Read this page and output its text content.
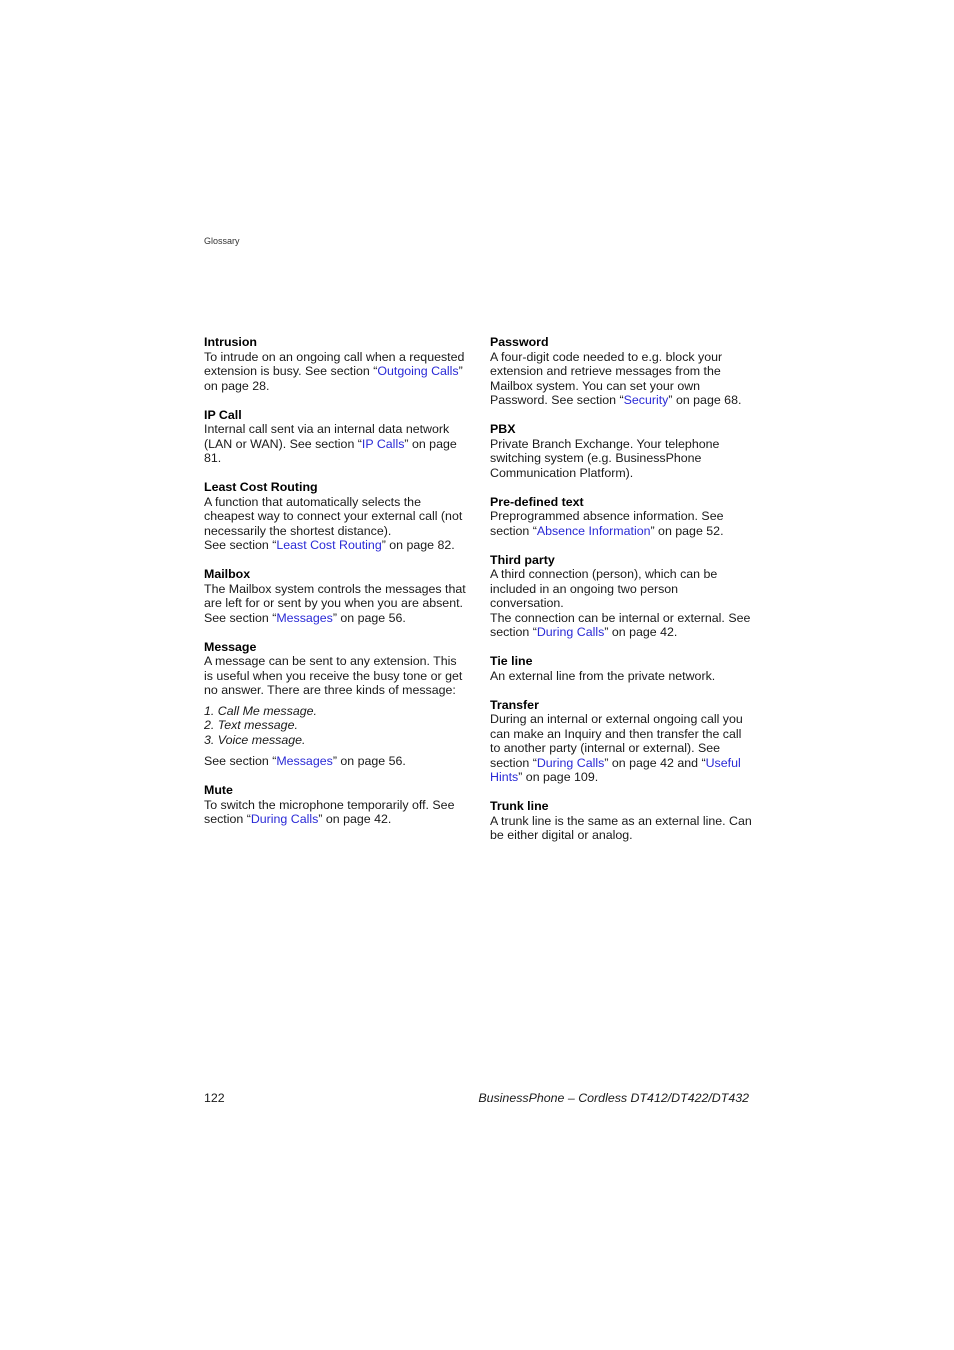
Glossary
Intrusion
To intrude on an ongoing call when a requested extension is busy. See section “Outgoing Calls” on page 28.
IP Call
Internal call sent via an internal data network (LAN or WAN). See section “IP Calls” on page 81.
Least Cost Routing
A function that automatically selects the cheapest way to connect your external call (not necessarily the shortest distance).
See section “Least Cost Routing” on page 82.
Mailbox
The Mailbox system controls the messages that are left for or sent by you when you are absent. See section “Messages” on page 56.
Message
A message can be sent to any extension. This is useful when you receive the busy tone or get no answer. There are three kinds of message:
1. Call Me message.
2. Text message.
3. Voice message.
See section “Messages” on page 56.
Mute
To switch the microphone temporarily off. See section “During Calls” on page 42.
Password
A four-digit code needed to e.g. block your extension and retrieve messages from the Mailbox system. You can set your own Password. See section “Security” on page 68.
PBX
Private Branch Exchange. Your telephone switching system (e.g. BusinessPhone Communication Platform).
Pre-defined text
Preprogrammed absence information. See section “Absence Information” on page 52.
Third party
A third connection (person), which can be included in an ongoing two person conversation.
The connection can be internal or external. See section “During Calls” on page 42.
Tie line
An external line from the private network.
Transfer
During an internal or external ongoing call you can make an Inquiry and then transfer the call to another party (internal or external). See section “During Calls” on page 42 and “Useful Hints” on page 109.
Trunk line
A trunk line is the same as an external line. Can be either digital or analog.
122	BusinessPhone – Cordless DT412/DT422/DT432
